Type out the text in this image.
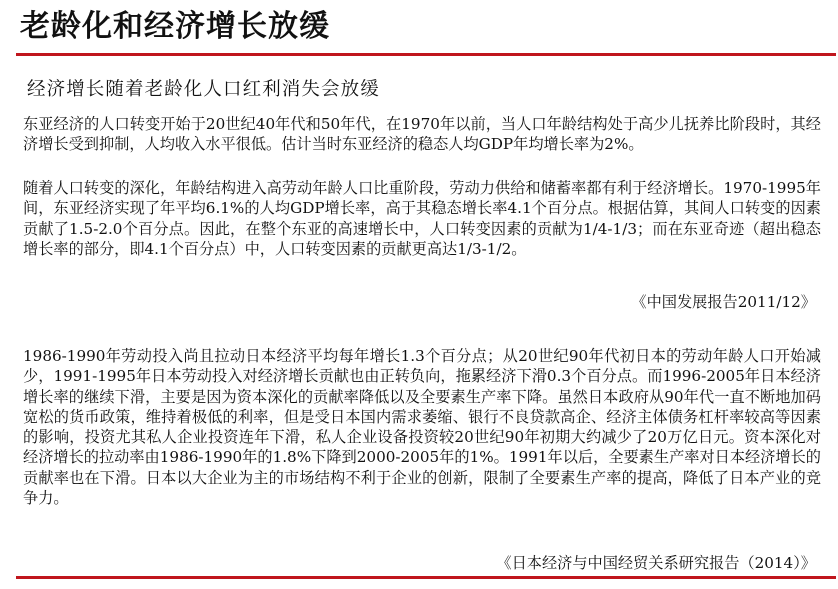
老龄化和经济增长放缓
经济增长随着老龄化人口红利消失会放缓

东亚经济的人口转变开始于20世纪40年代和50年代，在1970年以前，当人口年龄结构处于高少儿抚养比阶段时，其经济增长受到抑制，人均收入水平很低。估计当时东亚经济的稳态人均GDP年均增长率为2%。

随着人口转变的深化，年龄结构进入高劳动年龄人口比重阶段，劳动力供给和储蓄率都有利于经济增长。1970-1995年间，东亚经济实现了年平均6.1%的人均GDP增长率，高于其稳态增长率4.1个百分点。根据估算，其间人口转变的因素贡献了1.5-2.0个百分点。因此，在整个东亚的高速增长中，人口转变因素的贡献为1/4-1/3；而在东亚奇迹（超出稳态增长率的部分，即4.1个百分点）中，人口转变因素的贡献更高达1/3-1/2。

《中国发展报告2011/12》

1986-1990年劳动投入尚且拉动日本经济平均每年增长1.3个百分点；从20世纪90年代初日本的劳动年龄人口开始减少，1991-1995年日本劳动投入对经济增长贡献也由正转负向，拖累经济下滑0.3个百分点。而1996-2005年日本经济增长率的继续下滑，主要是因为资本深化的贡献率降低以及全要素生产率下降。虽然日本政府从90年代一直不断地加码宽松的货币政策，维持着极低的利率，但是受日本国内需求萎缩、银行不良贷款高企、经济主体债务杠杆率较高等因素的影响，投资尤其私人企业投资连年下滑，私人企业设备投资较20世纪90年初期大约减少了20万亿日元。资本深化对经济增长的拉动率由1986-1990年的1.8%下降到2000-2005年的1%。1991年以后，全要素生产率对日本经济增长的贡献率也在下滑。日本以大企业为主的市场结构不利于企业的创新，限制了全要素生产率的提高，降低了日本产业的竞争力。

《日本经济与中国经贸关系研究报告（2014）》
